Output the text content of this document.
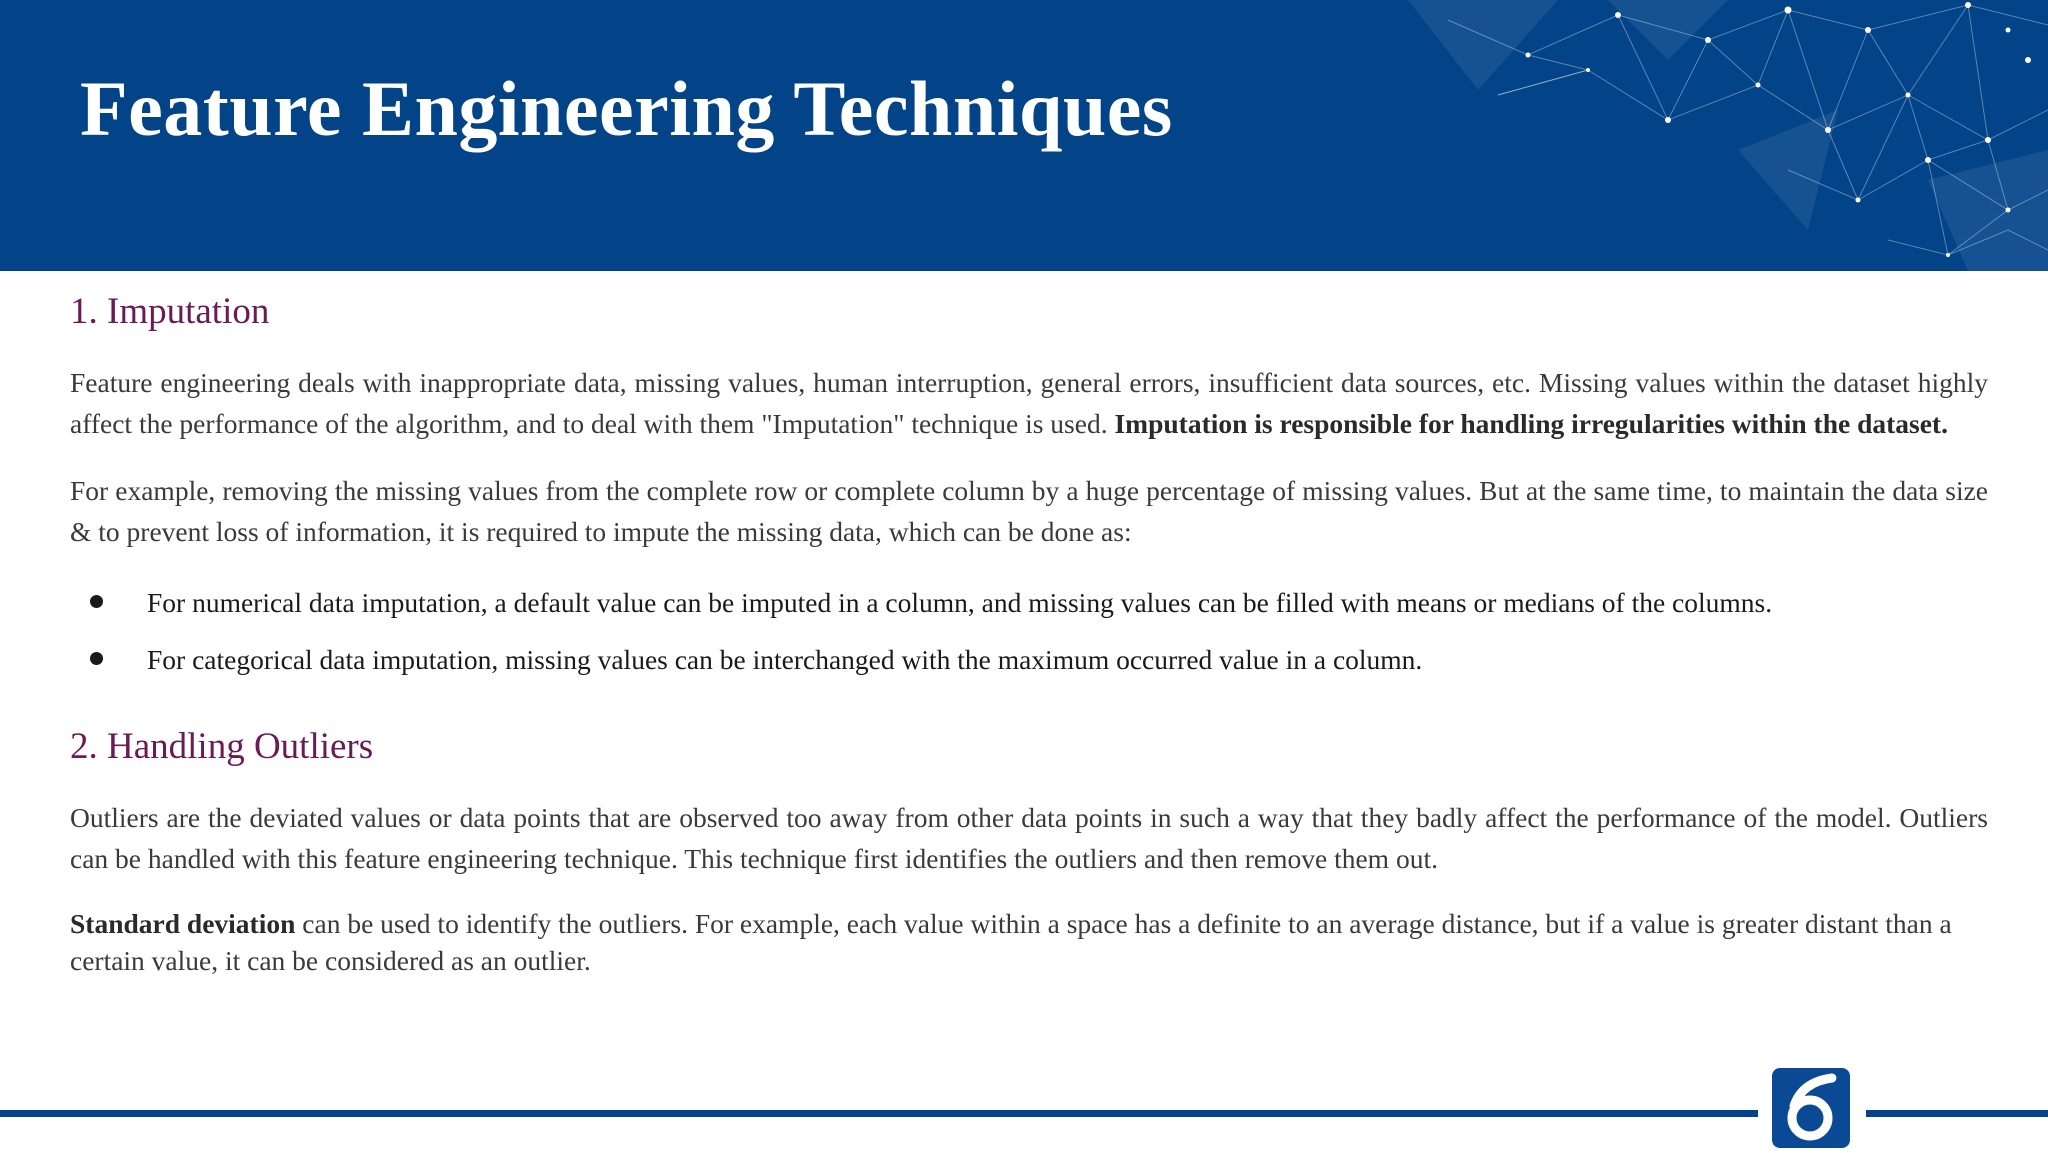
Feature Engineering Techniques
1. Imputation

Feature engineering deals with inappropriate data, missing values, human interruption, general errors, insufficient data sources, etc. Missing values within the dataset highly affect the performance of the algorithm, and to deal with them "Imputation" technique is used. Imputation is responsible for handling irregularities within the dataset.

For example, removing the missing values from the complete row or complete column by a huge percentage of missing values. But at the same time, to maintain the data size & to prevent loss of information, it is required to impute the missing data, which can be done as:

For numerical data imputation, a default value can be imputed in a column, and missing values can be filled with means or medians of the columns.
For categorical data imputation, missing values can be interchanged with the maximum occurred value in a column.
2. Handling Outliers

Outliers are the deviated values or data points that are observed too away from other data points in such a way that they badly affect the performance of the model. Outliers can be handled with this feature engineering technique. This technique first identifies the outliers and then remove them out.

Standard deviation can be used to identify the outliers. For example, each value within a space has a definite to an average distance, but if a value is greater distant than a certain value, it can be considered as an outlier.
